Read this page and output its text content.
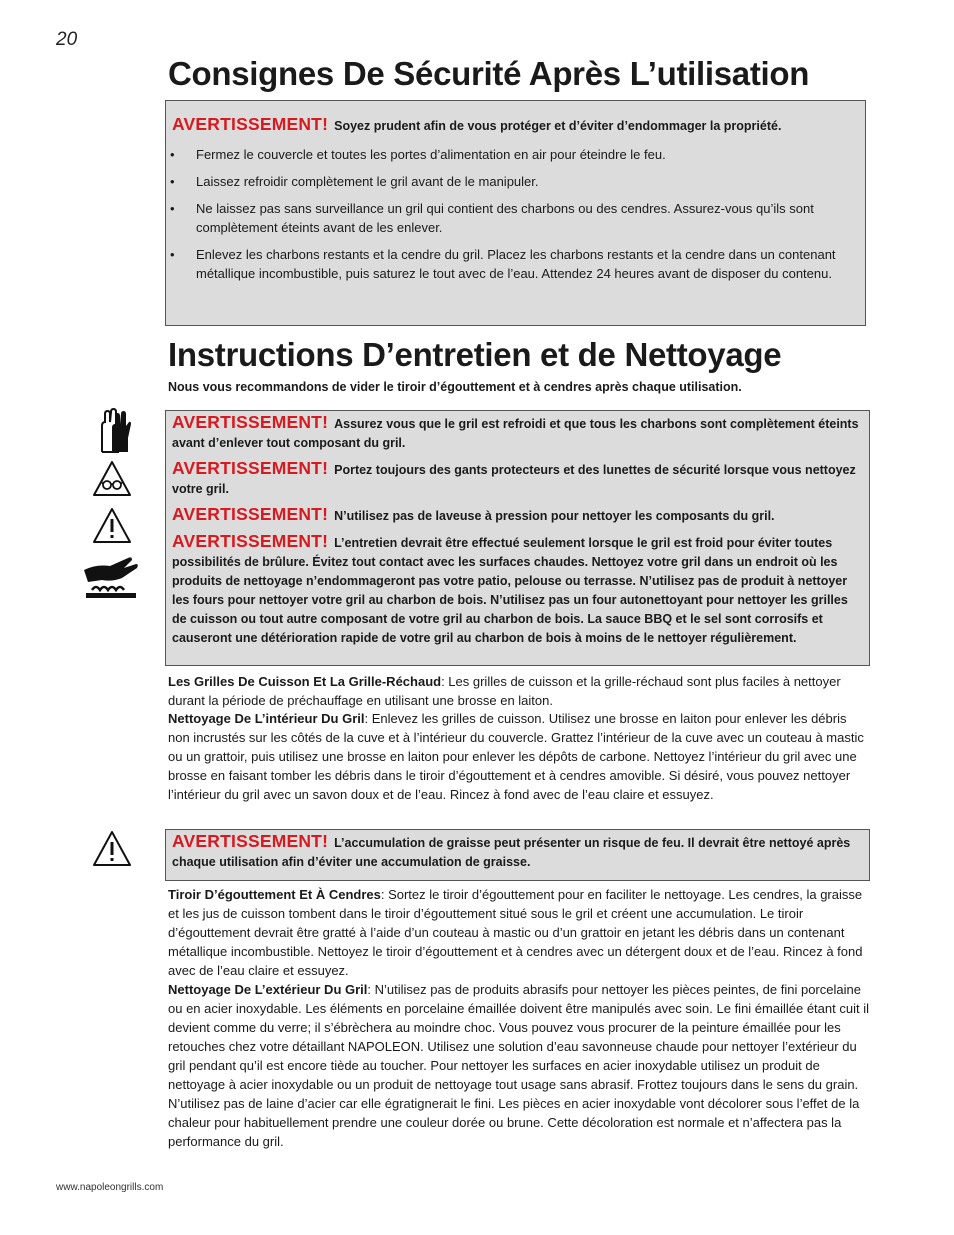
20
Consignes De Sécurité Après L’utilisation
AVERTISSEMENT! Soyez prudent afin de vous protéger et d’éviter d’endommager la propriété.
• Fermez le couvercle et toutes les portes d’alimentation en air pour éteindre le feu.
• Laissez refroidir complètement le gril avant de le manipuler.
• Ne laissez pas sans surveillance un gril qui contient des charbons ou des cendres. Assurez-vous qu’ils sont complètement éteints avant de les enlever.
• Enlevez les charbons restants et la cendre du gril. Placez les charbons restants et la cendre dans un contenant métallique incombustible, puis saturez le tout avec de l’eau. Attendez 24 heures avant de disposer du contenu.
Instructions D’entretien et de Nettoyage
Nous vous recommandons de vider le tiroir d’égouttement et à cendres après chaque utilisation.
AVERTISSEMENT! Assurez vous que le gril est refroidi et que tous les charbons sont complètement éteints avant d’enlever tout composant du gril.
AVERTISSEMENT! Portez toujours des gants protecteurs et des lunettes de sécurité lorsque vous nettoyez votre gril.
AVERTISSEMENT! N’utilisez pas de laveuse à pression pour nettoyer les composants du gril.
AVERTISSEMENT! L’entretien devrait être effectué seulement lorsque le gril est froid pour éviter toutes possibilités de brûlure. Évitez tout contact avec les surfaces chaudes. Nettoyez votre gril dans un endroit où les produits de nettoyage n’endommageront pas votre patio, pelouse ou terrasse. N’utilisez pas de produit à nettoyer les fours pour nettoyer votre gril au charbon de bois. N’utilisez pas un four autonettoyant pour nettoyer les grilles de cuisson ou tout autre composant de votre gril au charbon de bois. La sauce BBQ et le sel sont corrosifs et causeront une détérioration rapide de votre gril au charbon de bois à moins de le nettoyer régulièrement.

Les Grilles De Cuisson Et La Grille-Réchaud: Les grilles de cuisson et la grille-réchaud sont plus faciles à nettoyer durant la période de préchauffage en utilisant une brosse en laiton.

Nettoyage De L’intérieur Du Gril: Enlevez les grilles de cuisson. Utilisez une brosse en laiton pour enlever les débris non incrustés sur les côtés de la cuve et à l’intérieur du couvercle. Grattez l’intérieur de la cuve avec un couteau à mastic ou un grattoir, puis utilisez une brosse en laiton pour enlever les dépôts de carbone. Nettoyez l’intérieur du gril avec une brosse en faisant tomber les débris dans le tiroir d’égouttement et à cendres amovible. Si désiré, vous pouvez nettoyer l’intérieur du gril avec un savon doux et de l’eau. Rincez à fond avec de l’eau claire et essuyez.

AVERTISSEMENT! L’accumulation de graisse peut présenter un risque de feu. Il devrait être nettoyé après chaque utilisation afin d’éviter une accumulation de graisse.

Tiroir D’égouttement Et À Cendres: Sortez le tiroir d’égouttement pour en faciliter le nettoyage. Les cendres, la graisse et les jus de cuisson tombent dans le tiroir d’égouttement situé sous le gril et créent une accumulation. Le tiroir d’égouttement devrait être gratté à l’aide d’un couteau à mastic ou d’un grattoir en jetant les débris dans un contenant métallique incombustible. Nettoyez le tiroir d’égouttement et à cendres avec un détergent doux et de l’eau. Rincez à fond avec de l’eau claire et essuyez.

Nettoyage De L’extérieur Du Gril: N’utilisez pas de produits abrasifs pour nettoyer les pièces peintes, de fini porcelaine ou en acier inoxydable. Les éléments en porcelaine émaillée doivent être manipulés avec soin. Le fini émaillée étant cuit il devient comme du verre; il s’ébrèchera au moindre choc. Vous pouvez vous procurer de la peinture émaillée pour les retouches chez votre détaillant NAPOLEON. Utilisez une solution d’eau savonneuse chaude pour nettoyer l’extérieur du gril pendant qu’il est encore tiède au toucher. Pour nettoyer les surfaces en acier inoxydable utilisez un produit de nettoyage à acier inoxydable ou un produit de nettoyage tout usage sans abrasif. Frottez toujours dans le sens du grain. N’utilisez pas de laine d’acier car elle égratignerait le fini. Les pièces en acier inoxydable vont décolorer sous l’effet de la chaleur pour habituellement prendre une couleur dorée ou brune. Cette décoloration est normale et n’affectera pas la performance du gril.

www.napoleongrills.com
